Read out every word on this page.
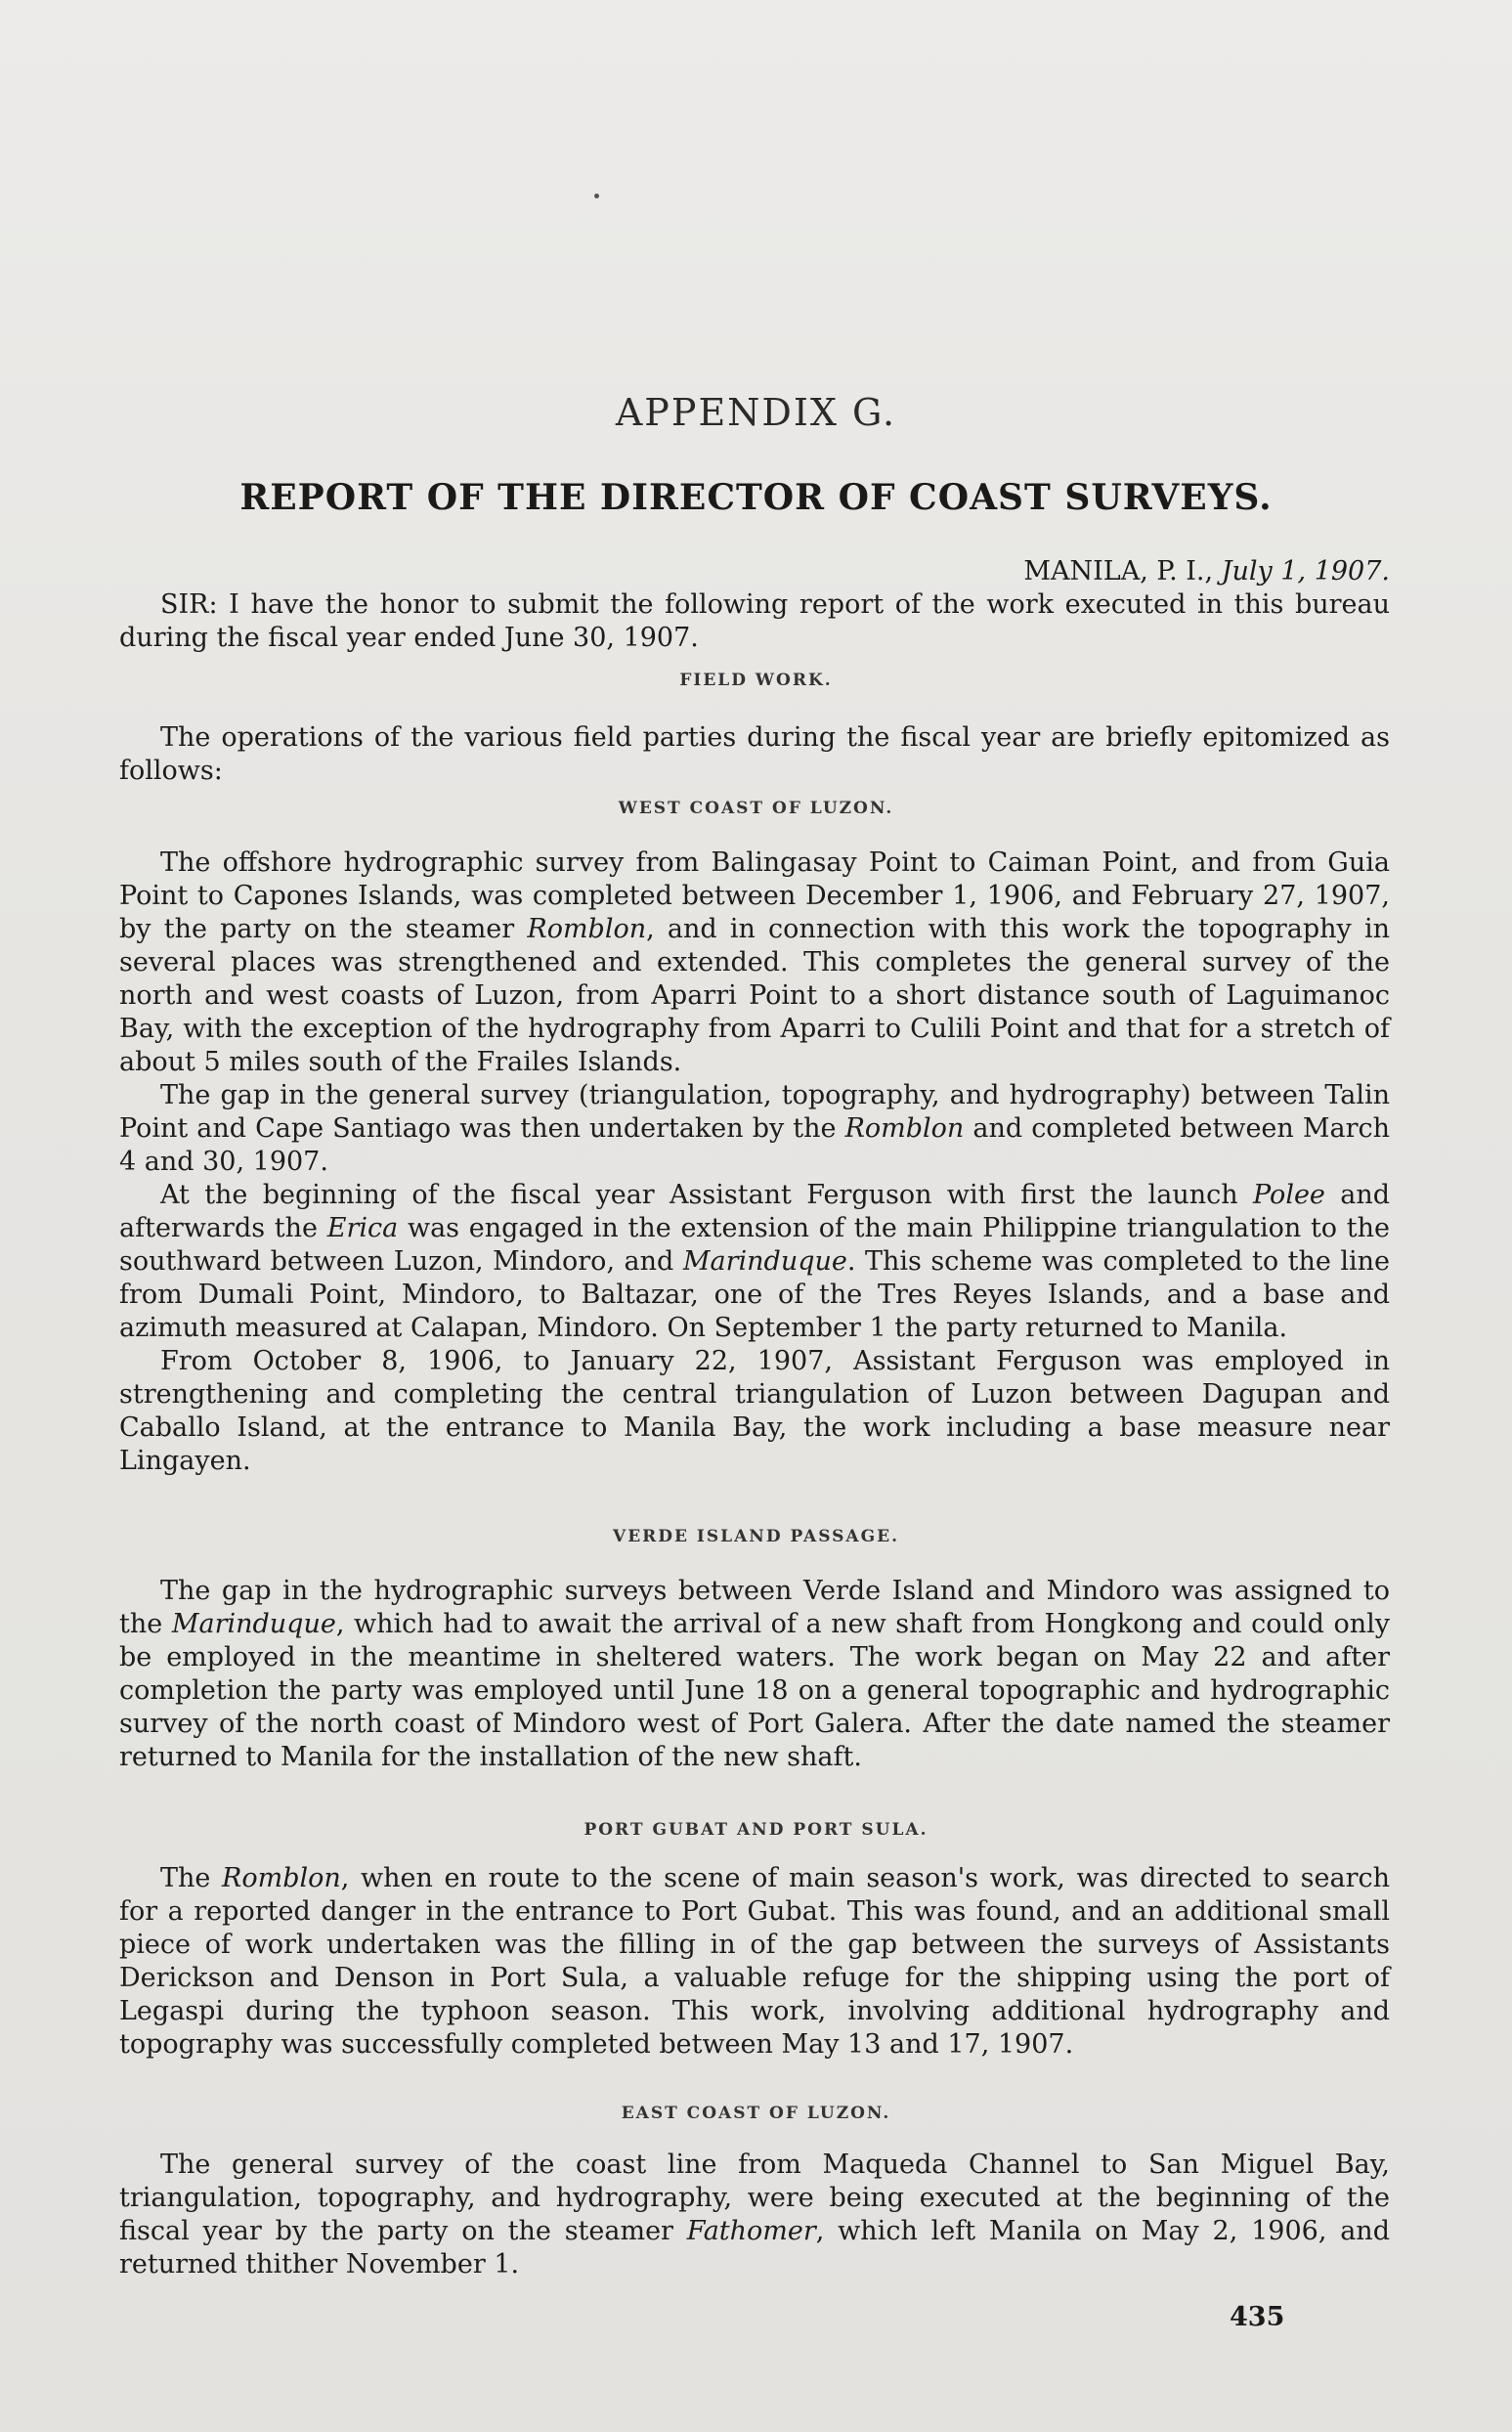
APPENDIX G.
REPORT OF THE DIRECTOR OF COAST SURVEYS.
MANILA, P. I., July 1, 1907.

SIR: I have the honor to submit the following report of the work executed in this bureau during the fiscal year ended June 30, 1907.

FIELD WORK.

The operations of the various field parties during the fiscal year are briefly epitomized as follows:

WEST COAST OF LUZON.

The offshore hydrographic survey from Balingasay Point to Caiman Point, and from Guia Point to Capones Islands, was completed between December 1, 1906, and February 27, 1907, by the party on the steamer Romblon, and in connection with this work the topography in several places was strengthened and extended. This completes the general survey of the north and west coasts of Luzon, from Aparri Point to a short distance south of Laguimanoc Bay, with the exception of the hydrography from Aparri to Culili Point and that for a stretch of about 5 miles south of the Frailes Islands.

The gap in the general survey (triangulation, topography, and hydrography) between Talin Point and Cape Santiago was then undertaken by the Romblon and completed between March 4 and 30, 1907.

At the beginning of the fiscal year Assistant Ferguson with first the launch Polee and afterwards the Erica was engaged in the extension of the main Philippine triangulation to the southward between Luzon, Mindoro, and Marinduque. This scheme was completed to the line from Dumali Point, Mindoro, to Baltazar, one of the Tres Reyes Islands, and a base and azimuth measured at Calapan, Mindoro. On September 1 the party returned to Manila.

From October 8, 1906, to January 22, 1907, Assistant Ferguson was employed in strengthening and completing the central triangulation of Luzon between Dagupan and Caballo Island, at the entrance to Manila Bay, the work including a base measure near Lingayen.

VERDE ISLAND PASSAGE.

The gap in the hydrographic surveys between Verde Island and Mindoro was assigned to the Marinduque, which had to await the arrival of a new shaft from Hongkong and could only be employed in the meantime in sheltered waters. The work began on May 22 and after completion the party was employed until June 18 on a general topographic and hydrographic survey of the north coast of Mindoro west of Port Galera. After the date named the steamer returned to Manila for the installation of the new shaft.

PORT GUBAT AND PORT SULA.

The Romblon, when en route to the scene of main season's work, was directed to search for a reported danger in the entrance to Port Gubat. This was found, and an additional small piece of work undertaken was the filling in of the gap between the surveys of Assistants Derickson and Denson in Port Sula, a valuable refuge for the shipping using the port of Legaspi during the typhoon season. This work, involving additional hydrography and topography was successfully completed between May 13 and 17, 1907.

EAST COAST OF LUZON.

The general survey of the coast line from Maqueda Channel to San Miguel Bay, triangulation, topography, and hydrography, were being executed at the beginning of the fiscal year by the party on the steamer Fathomer, which left Manila on May 2, 1906, and returned thither November 1.

435
